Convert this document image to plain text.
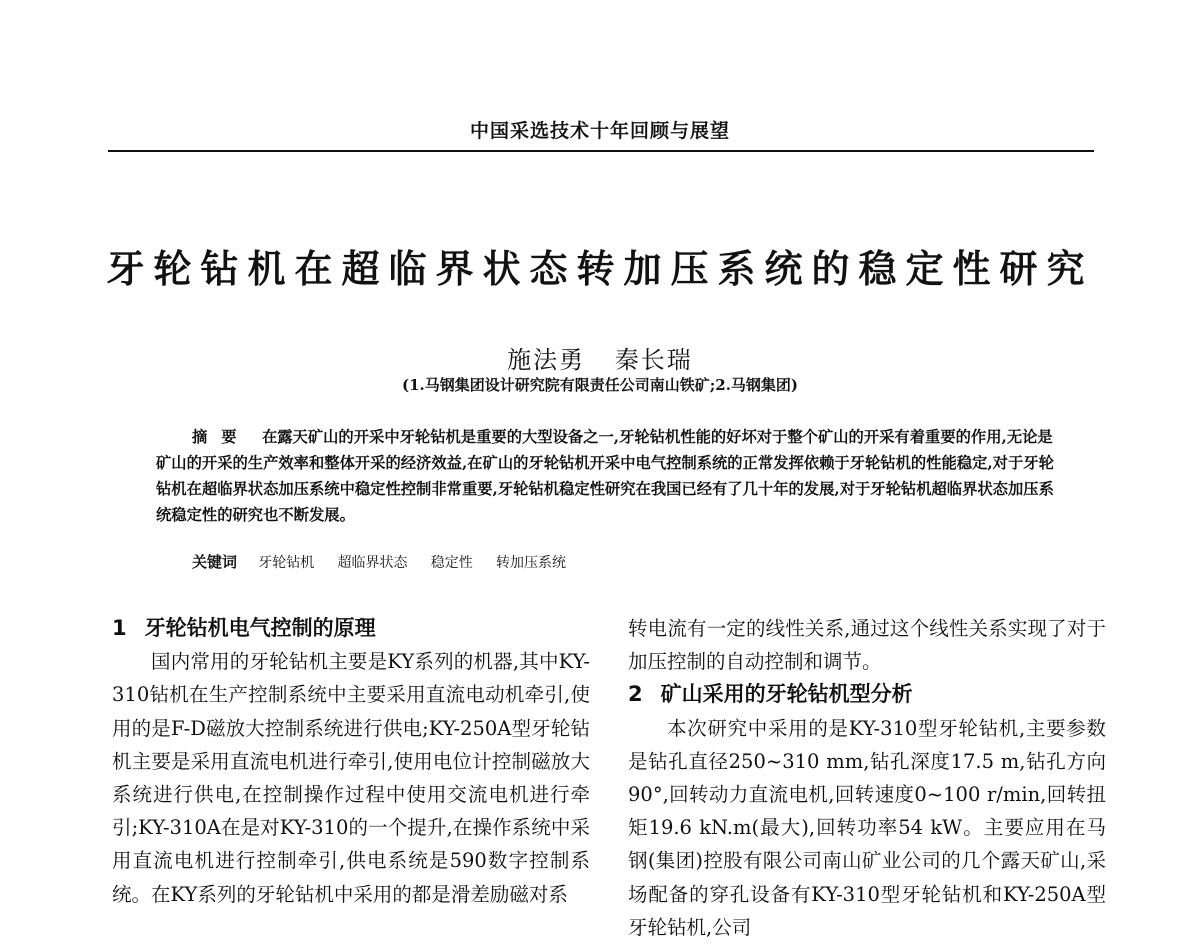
中国采选技术十年回顾与展望
牙轮钻机在超临界状态转加压系统的稳定性研究
施法勇 秦长瑞
(1.马钢集团设计研究院有限责任公司南山铁矿;2.马钢集团)
摘要 在露天矿山的开采中牙轮钻机是重要的大型设备之一,牙轮钻机性能的好坏对于整个矿山的开采有着重要的作用,无论是矿山的开采的生产效率和整体开采的经济效益,在矿山的牙轮钻机开采中电气控制系统的正常发挥依赖于牙轮钻机的性能稳定,对于牙轮钻机在超临界状态加压系统中稳定性控制非常重要,牙轮钻机稳定性研究在我国已经有了几十年的发展,对于牙轮钻机超临界状态加压系统稳定性的研究也不断发展。
关键词 牙轮钻机 超临界状态 稳定性 转加压系统
1 牙轮钻机电气控制的原理

国内常用的牙轮钻机主要是KY系列的机器,其中KY-310钻机在生产控制系统中主要采用直流电动机牵引,使用的是F-D磁放大控制系统进行供电;KY-250A型牙轮钻机主要是采用直流电机进行牵引,使用电位计控制磁放大系统进行供电,在控制操作过程中使用交流电机进行牵引;KY-310A在是对KY-310的一个提升,在操作系统中采用直流电机进行控制牵引,供电系统是590数字控制系统。在KY系列的牙轮钻机中采用的都是滑差励磁对系

转电流有一定的线性关系,通过这个线性关系实现了对于加压控制的自动控制和调节。

2 矿山采用的牙轮钻机型分析

本次研究中采用的是KY-310型牙轮钻机,主要参数是钻孔直径250~310 mm,钻孔深度17.5 m,钻孔方向90°,回转动力直流电机,回转速度0~100 r/min,回转扭矩19.6 kN.m(最大),回转功率54 kW。主要应用在马钢(集团)控股有限公司南山矿业公司的几个露天矿山,采场配备的穿孔设备有KY-310型牙轮钻机和KY-250A型牙轮钻机,公司
